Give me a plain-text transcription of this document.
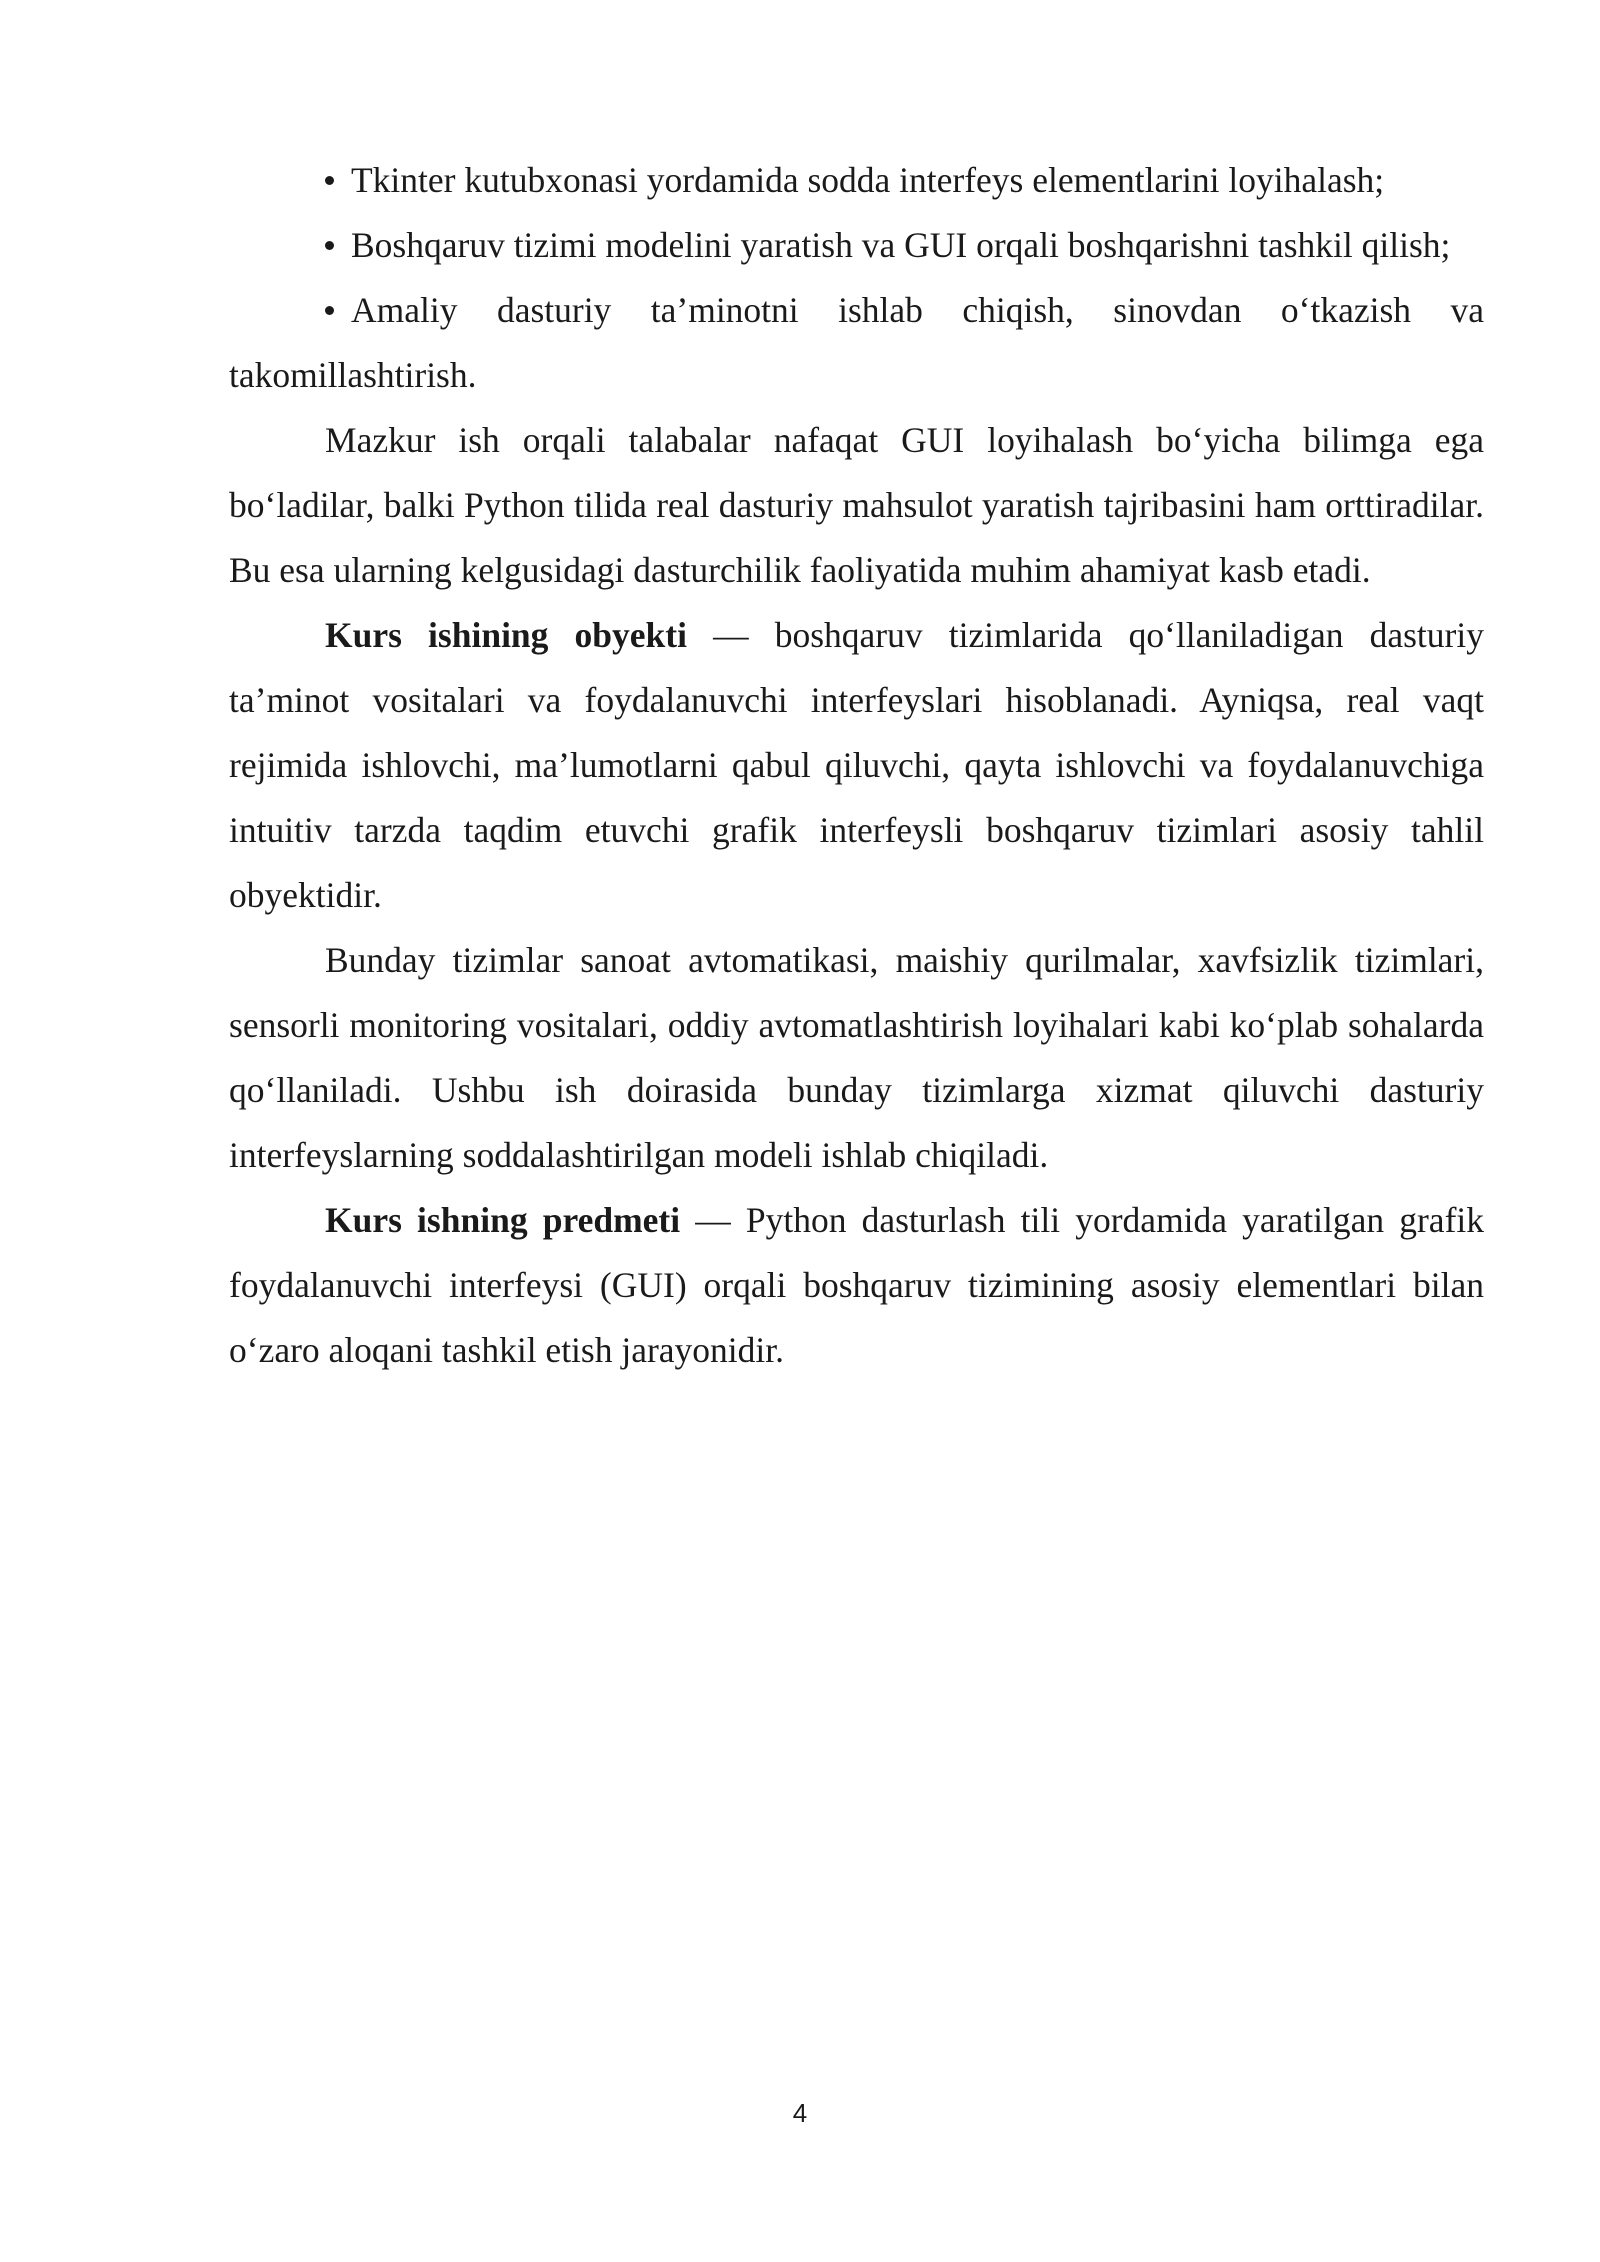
Tkinter kutubxonasi yordamida sodda interfeys elementlarini loyihalash;
Boshqaruv tizimi modelini yaratish va GUI orqali boshqarishni tashkil qilish;
Amaliy dasturiy ta’minotni ishlab chiqish, sinovdan o‘tkazish va takomillashtirish.

Mazkur ish orqali talabalar nafaqat GUI loyihalash bo‘yicha bilimga ega bo‘ladilar, balki Python tilida real dasturiy mahsulot yaratish tajribasini ham orttiradilar. Bu esa ularning kelgusidagi dasturchilik faoliyatida muhim ahamiyat kasb etadi.

Kurs ishining obyekti — boshqaruv tizimlarida qo‘llaniladigan dasturiy ta’minot vositalari va foydalanuvchi interfeyslari hisoblanadi. Ayniqsa, real vaqt rejimida ishlovchi, ma’lumotlarni qabul qiluvchi, qayta ishlovchi va foydalanuvchiga intuitiv tarzda taqdim etuvchi grafik interfeysli boshqaruv tizimlari asosiy tahlil obyektidir.

Bunday tizimlar sanoat avtomatikasi, maishiy qurilmalar, xavfsizlik tizimlari, sensorli monitoring vositalari, oddiy avtomatlashtirish loyihalari kabi ko‘plab sohalarda qo‘llaniladi. Ushbu ish doirasida bunday tizimlarga xizmat qiluvchi dasturiy interfeyslarning soddalashtirilgan modeli ishlab chiqiladi.

Kurs ishning predmeti — Python dasturlash tili yordamida yaratilgan grafik foydalanuvchi interfeysi (GUI) orqali boshqaruv tizimining asosiy elementlari bilan o‘zaro aloqani tashkil etish jarayonidir.

4
